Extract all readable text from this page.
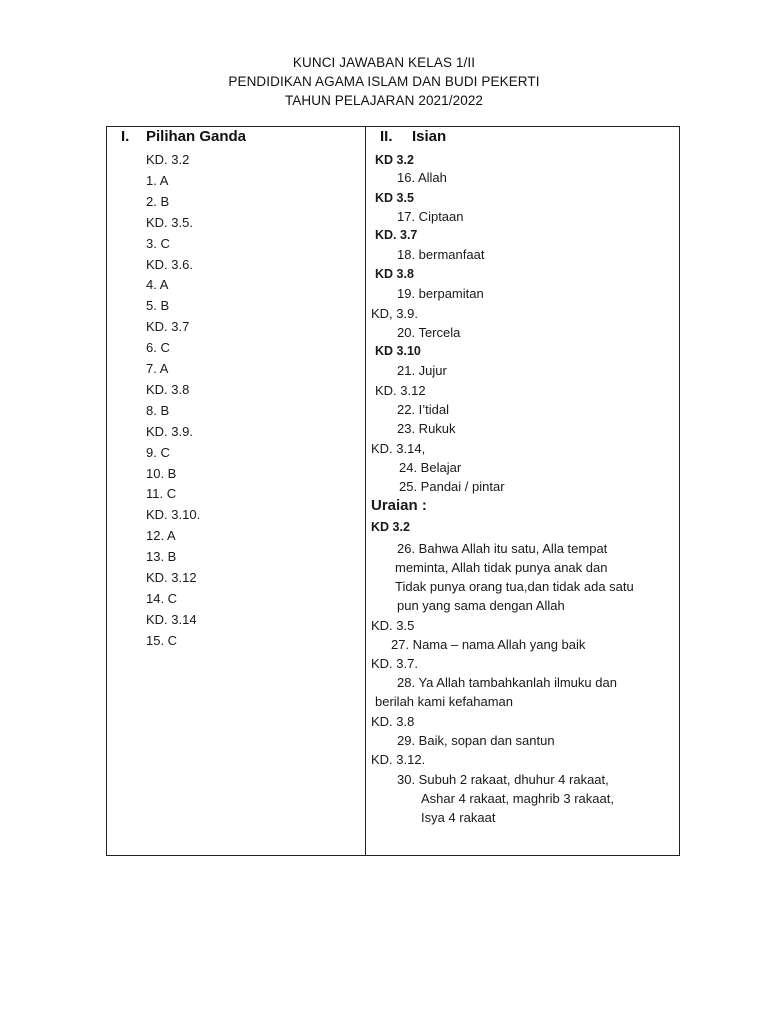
KUNCI JAWABAN KELAS 1/II
PENDIDIKAN AGAMA ISLAM DAN BUDI PEKERTI
TAHUN PELAJARAN 2021/2022
I. Pilihan Ganda
KD. 3.2
1. A
2. B
KD. 3.5.
3. C
KD. 3.6.
4. A
5. B
KD. 3.7
6. C
7. A
KD. 3.8
8. B
KD. 3.9.
9. C
10. B
11. C
KD. 3.10.
12. A
13. B
KD. 3.12
14. C
KD. 3.14
15. C
II. Isian
KD 3.2
16. Allah
KD 3.5
17. Ciptaan
KD. 3.7
18. bermanfaat
KD 3.8
19. berpamitan
KD, 3.9.
20. Tercela
KD 3.10
21. Jujur
KD. 3.12
22. I’tidal
23. Rukuk
KD. 3.14,
24. Belajar
25. Pandai / pintar
Uraian :
KD 3.2
26. Bahwa Allah itu satu, Alla tempat
meminta, Allah tidak punya anak dan
Tidak punya orang tua,dan tidak ada satu
pun yang sama dengan Allah
KD. 3.5
27. Nama – nama Allah yang baik
KD. 3.7.
28. Ya Allah tambahkanlah ilmuku dan
berilah kami kefahaman
KD. 3.8
29. Baik, sopan dan santun
KD. 3.12.
30. Subuh 2 rakaat, dhuhur 4 rakaat,
Ashar 4 rakaat, maghrib 3 rakaat,
Isya 4 rakaat
